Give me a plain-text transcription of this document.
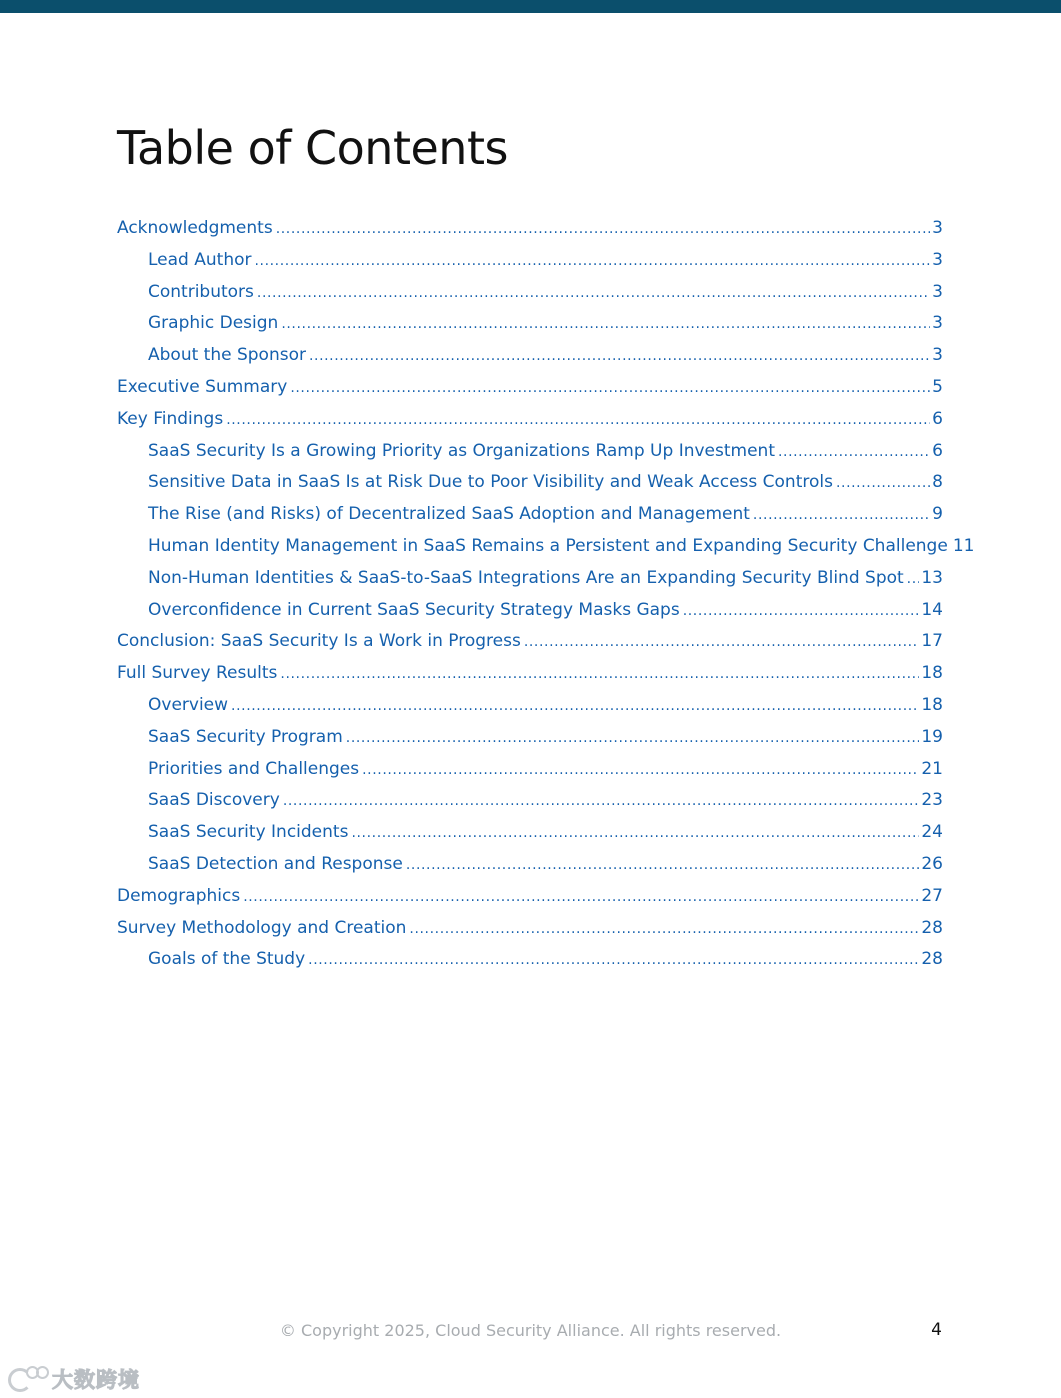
Table of Contents
Acknowledgments .....	3
Lead Author .....	3
Contributors .....	3
Graphic Design .....	3
About the Sponsor .....	3
Executive Summary .....	5
Key Findings .....	6
SaaS Security Is a Growing Priority as Organizations Ramp Up Investment .....	6
Sensitive Data in SaaS Is at Risk Due to Poor Visibility and Weak Access Controls .....	8
The Rise (and Risks) of Decentralized SaaS Adoption and Management .....	9
Human Identity Management in SaaS Remains a Persistent and Expanding Security Challenge 11
Non-Human Identities & SaaS-to-SaaS Integrations Are an Expanding Security Blind Spot ..... 13
Overconfidence in Current SaaS Security Strategy Masks Gaps .....	14
Conclusion: SaaS Security Is a Work in Progress .....	17
Full Survey Results .....	18
Overview .....	18
SaaS Security Program .....	19
Priorities and Challenges .....	21
SaaS Discovery .....	23
SaaS Security Incidents .....	24
SaaS Detection and Response .....	26
Demographics .....	27
Survey Methodology and Creation .....	28
Goals of the Study .....	28
© Copyright 2025, Cloud Security Alliance. All rights reserved.	4
大数跨境
